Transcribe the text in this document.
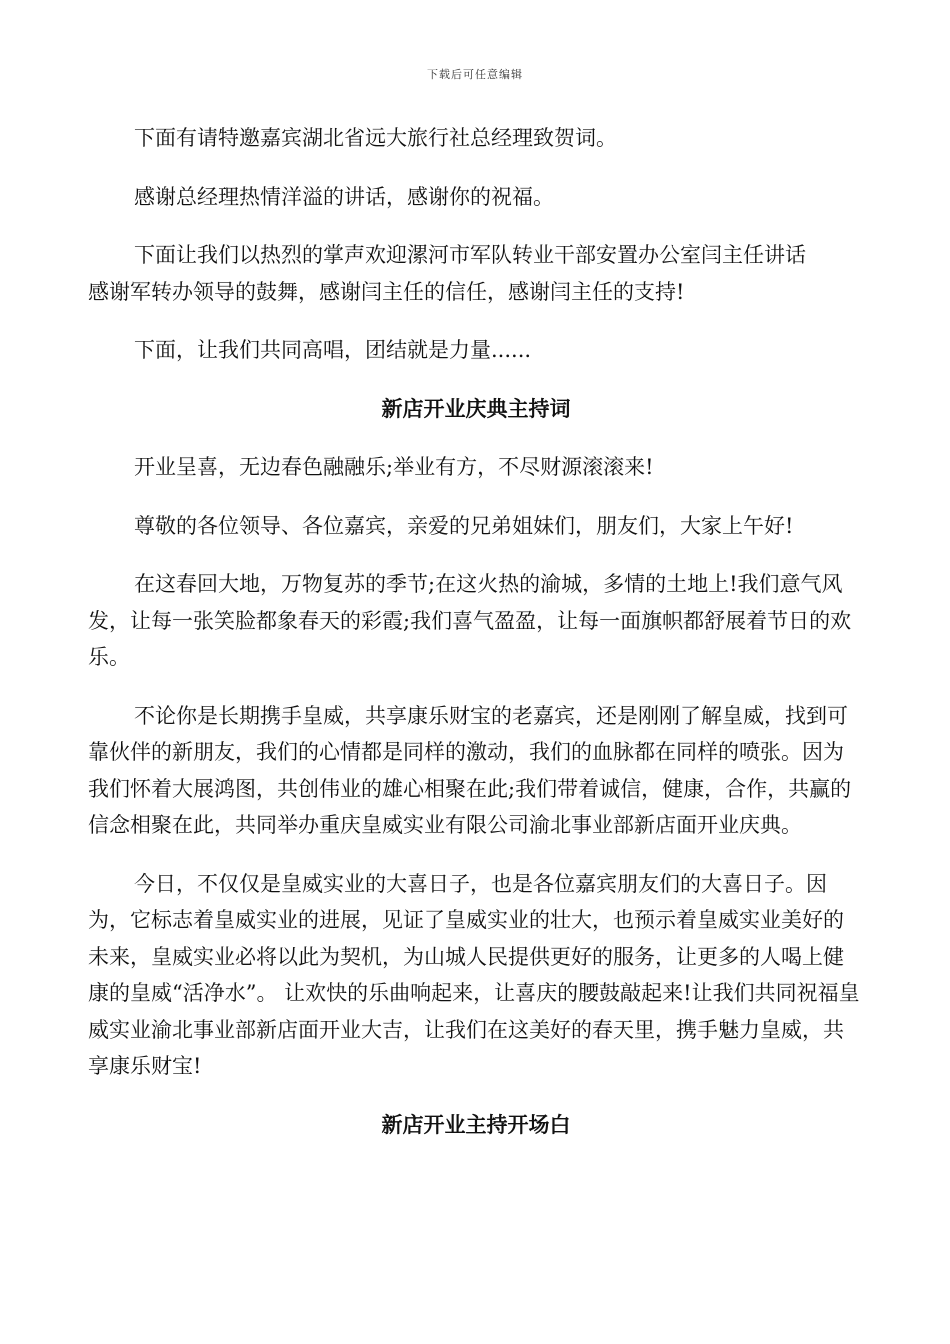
下载后可任意编辑

下面有请特邀嘉宾湖北省远大旅行社总经理致贺词。

感谢总经理热情洋溢的讲话，感谢你的祝福。

下面让我们以热烈的掌声欢迎漯河市军队转业干部安置办公室闫主任讲话

感谢军转办领导的鼓舞，感谢闫主任的信任，感谢闫主任的支持!

下面，让我们共同高唱，团结就是力量......

新店开业庆典主持词

开业呈喜，无边春色融融乐;举业有方，不尽财源滚滚来!

尊敬的各位领导、各位嘉宾，亲爱的兄弟姐妹们，朋友们，大家上午好!

在这春回大地，万物复苏的季节;在这火热的渝城，多情的土地上!我们意气风发，让每一张笑脸都象春天的彩霞;我们喜气盈盈，让每一面旗帜都舒展着节日的欢乐。

不论你是长期携手皇威，共享康乐财宝的老嘉宾，还是刚刚了解皇威，找到可靠伙伴的新朋友，我们的心情都是同样的激动，我们的血脉都在同样的喷张。因为我们怀着大展鸿图，共创伟业的雄心相聚在此;我们带着诚信，健康，合作，共赢的信念相聚在此，共同举办重庆皇威实业有限公司渝北事业部新店面开业庆典。

今日，不仅仅是皇威实业的大喜日子，也是各位嘉宾朋友们的大喜日子。因为，它标志着皇威实业的进展，见证了皇威实业的壮大，也预示着皇威实业美好的未来，皇威实业必将以此为契机，为山城人民提供更好的服务，让更多的人喝上健康的皇威“活净水”。 让欢快的乐曲响起来，让喜庆的腰鼓敲起来!让我们共同祝福皇威实业渝北事业部新店面开业大吉，让我们在这美好的春天里，携手魅力皇威，共享康乐财宝!

新店开业主持开场白
